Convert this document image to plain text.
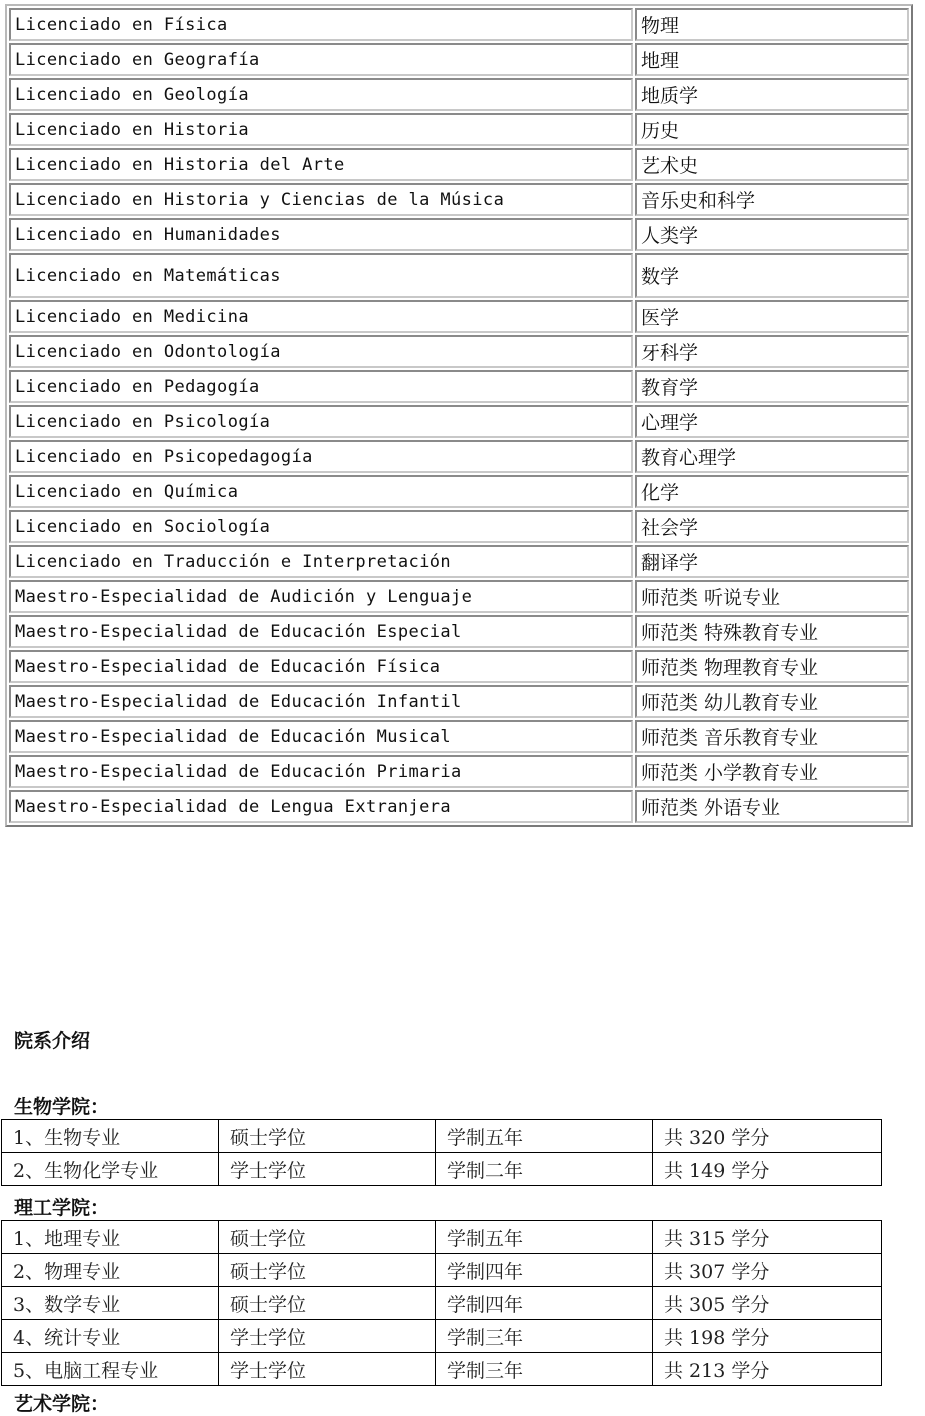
Licenciado en Física	物理
Licenciado en Geografía	地理
Licenciado en Geología	地质学
Licenciado en Historia	历史
Licenciado en Historia del Arte	艺术史
Licenciado en Historia y Ciencias de la Música	音乐史和科学
Licenciado en Humanidades	人类学
Licenciado en Matemáticas	数学
Licenciado en Medicina	医学
Licenciado en Odontología	牙科学
Licenciado en Pedagogía	教育学
Licenciado en Psicología	心理学
Licenciado en Psicopedagogía	教育心理学
Licenciado en Química	化学
Licenciado en Sociología	社会学
Licenciado en Traducción e Interpretación	翻译学
Maestro-Especialidad de Audición y Lenguaje	师范类 听说专业
Maestro-Especialidad de Educación Especial	师范类 特殊教育专业
Maestro-Especialidad de Educación Física	师范类 物理教育专业
Maestro-Especialidad de Educación Infantil	师范类 幼儿教育专业
Maestro-Especialidad de Educación Musical	师范类 音乐教育专业
Maestro-Especialidad de Educación Primaria	师范类 小学教育专业
Maestro-Especialidad de Lengua Extranjera	师范类 外语专业
院系介绍
生物学院：
1、生物专业	硕士学位	学制五年	共 320 学分
2、生物化学专业	学士学位	学制二年	共 149 学分
理工学院：
1、地理专业	硕士学位	学制五年	共 315 学分
2、物理专业	硕士学位	学制四年	共 307 学分
3、数学专业	硕士学位	学制四年	共 305 学分
4、统计专业	学士学位	学制三年	共 198 学分
5、电脑工程专业	学士学位	学制三年	共 213 学分
艺术学院：
